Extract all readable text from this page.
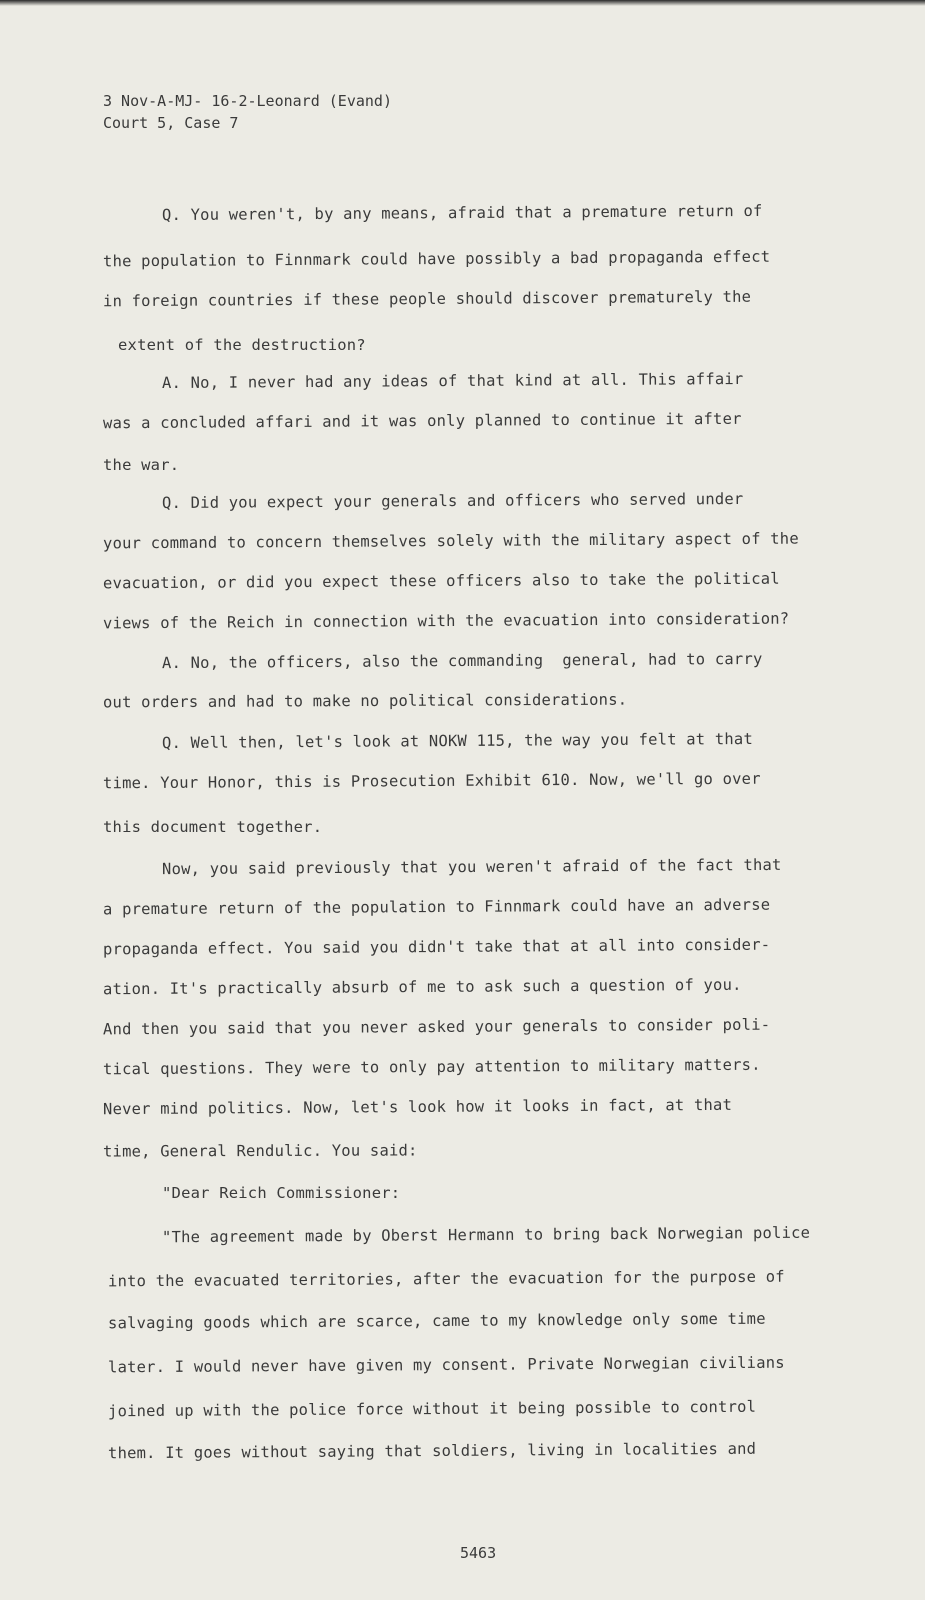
3 Nov-A-MJ- 16-2-Leonard (Evand)
Court 5, Case 7
Q. You weren't, by any means, afraid that a premature return of
the population to Finnmark could have possibly a bad propaganda effect
in foreign countries if these people should discover prematurely the
extent of the destruction?
A. No, I never had any ideas of that kind at all. This affair
was a concluded affari and it was only planned to continue it after
the war.
Q. Did you expect your generals and officers who served under
your command to concern themselves solely with the military aspect of the
evacuation, or did you expect these officers also to take the political
views of the Reich in connection with the evacuation into consideration?
A. No, the officers, also the commanding  general, had to carry
out orders and had to make no political considerations.
Q. Well then, let's look at NOKW 115, the way you felt at that
time. Your Honor, this is Prosecution Exhibit 610. Now, we'll go over
this document together.
Now, you said previously that you weren't afraid of the fact that
a premature return of the population to Finnmark could have an adverse
propaganda effect. You said you didn't take that at all into consider-
ation. It's practically absurb of me to ask such a question of you.
And then you said that you never asked your generals to consider poli-
tical questions. They were to only pay attention to military matters.
Never mind politics. Now, let's look how it looks in fact, at that
time, General Rendulic. You said:
"Dear Reich Commissioner:
"The agreement made by Oberst Hermann to bring back Norwegian police
into the evacuated territories, after the evacuation for the purpose of
salvaging goods which are scarce, came to my knowledge only some time
later. I would never have given my consent. Private Norwegian civilians
joined up with the police force without it being possible to control
them. It goes without saying that soldiers, living in localities and
5463
